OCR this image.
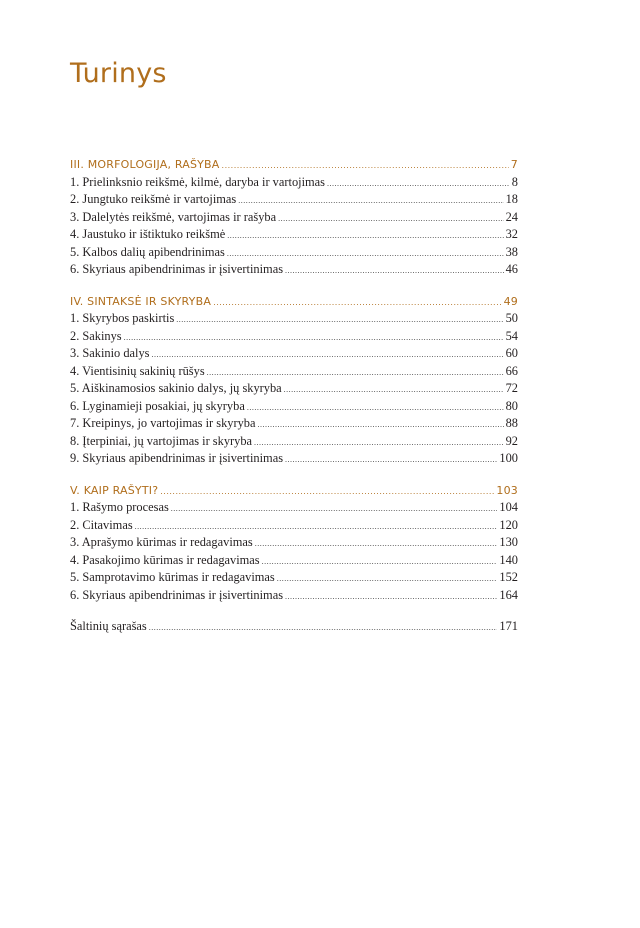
Turinys
III. MORFOLOGIJA, RAŠYBA .....	7
1. Prielinksnio reikšmė, kilmė, daryba ir vartojimas .....	8
2. Jungtuko reikšmė ir vartojimas .....	18
3. Dalelytės reikšmė, vartojimas ir rašyba .....	24
4. Jaustuko ir ištiktuko reikšmė .....	32
5. Kalbos dalių apibendrinimas .....	38
6. Skyriaus apibendrinimas ir įsivertinimas .....	46
IV. SINTAKSĖ IR SKYRYBA .....	49
1. Skyrybos paskirtis .....	50
2. Sakinys .....	54
3. Sakinio dalys .....	60
4. Vientisinių sakinių rūšys .....	66
5. Aiškinamosios sakinio dalys, jų skyryba .....	72
6. Lyginamieji posakiai, jų skyryba .....	80
7. Kreipinys, jo vartojimas ir skyryba .....	88
8. Įterpiniai, jų vartojimas ir skyryba .....	92
9. Skyriaus apibendrinimas ir įsivertinimas .....	100
V. KAIP RAŠYTI? .....	103
1. Rašymo procesas .....	104
2. Citavimas .....	120
3. Aprašymo kūrimas ir redagavimas .....	130
4. Pasakojimo kūrimas ir redagavimas .....	140
5. Samprotavimo kūrimas ir redagavimas .....	152
6. Skyriaus apibendrinimas ir įsivertinimas .....	164
Šaltinių sąrašas .....	171
